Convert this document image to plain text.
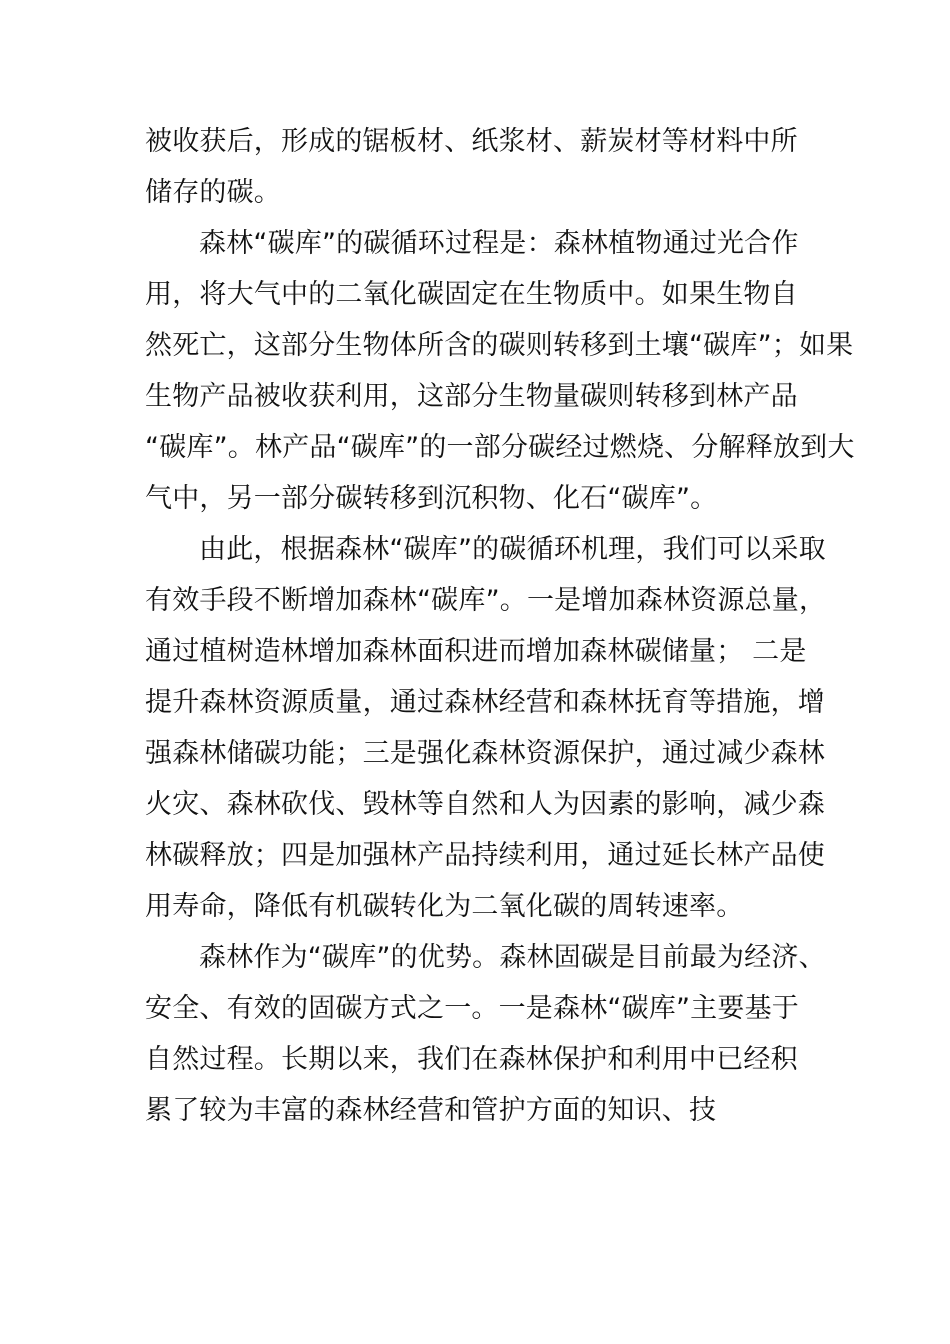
被收获后，形成的锯板材、纸浆材、薪炭材等材料中所
储存的碳。
森林“碳库”的碳循环过程是：森林植物通过光合作
用，将大气中的二氧化碳固定在生物质中。如果生物自
然死亡，这部分生物体所含的碳则转移到土壤“碳库”；如果
生物产品被收获利用，这部分生物量碳则转移到林产品
“碳库”。林产品“碳库”的一部分碳经过燃烧、分解释放到大
气中，另一部分碳转移到沉积物、化石“碳库”。
由此，根据森林“碳库”的碳循环机理，我们可以采取
有效手段不断增加森林“碳库”。一是增加森林资源总量，
通过植树造林增加森林面积进而增加森林碳储量； 二是
提升森林资源质量，通过森林经营和森林抚育等措施，增
强森林储碳功能；三是强化森林资源保护，通过减少森林
火灾、森林砍伐、毁林等自然和人为因素的影响，减少森
林碳释放；四是加强林产品持续利用，通过延长林产品使
用寿命，降低有机碳转化为二氧化碳的周转速率。
森林作为“碳库”的优势。森林固碳是目前最为经济、
安全、有效的固碳方式之一。一是森林“碳库”主要基于
自然过程。长期以来，我们在森林保护和利用中已经积
累了较为丰富的森林经营和管护方面的知识、技
